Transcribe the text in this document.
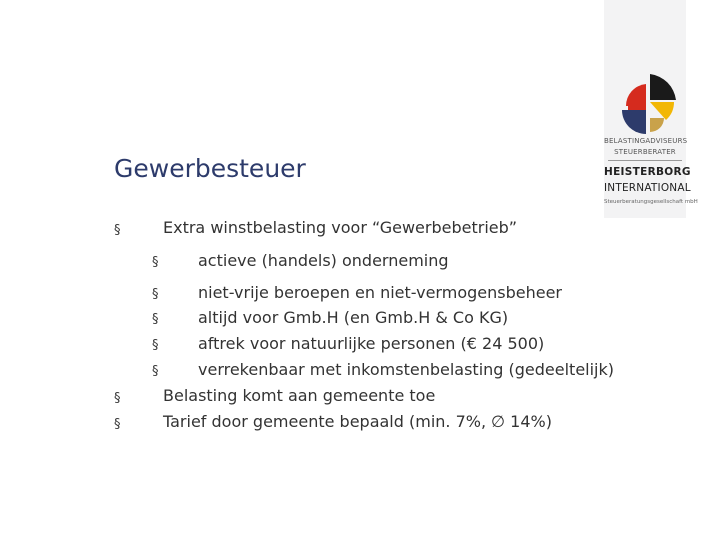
BELASTINGADVISEURS
STEUERBERATER
HEISTERBORG
INTERNATIONAL
Steuerberatungsgesellschaft mbH
Gewerbesteuer
§	Extra winstbelasting voor “Gewerbebetrieb”
§ actieve (handels) onderneming
§ niet-vrije beroepen en niet-vermogensbeheer
§ altijd voor Gmb.H (en Gmb.H & Co KG)
§ aftrek voor natuurlijke personen (€ 24 500)
§ verrekenbaar met inkomstenbelasting (gedeeltelijk)
§	Belasting komt aan gemeente toe
§	Tarief door gemeente bepaald (min. 7%, ∅ 14%)
